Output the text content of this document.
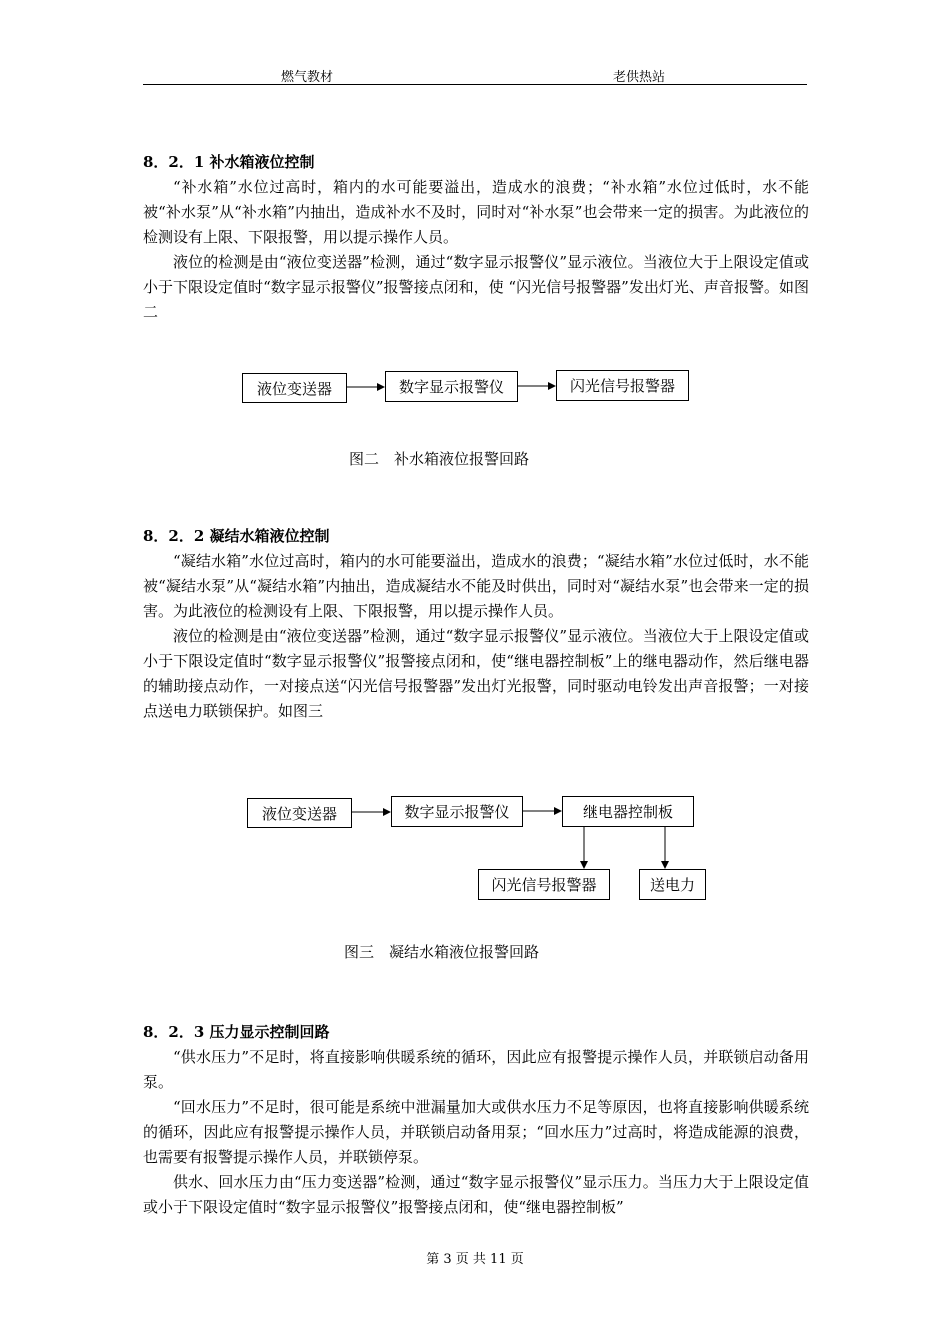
燃气教材	老供热站

8．2．1 补水箱液位控制

“补水箱”水位过高时，箱内的水可能要溢出，造成水的浪费；“补水箱”水位过低时，水不能被“补水泵”从“补水箱”内抽出，造成补水不及时，同时对“补水泵”也会带来一定的损害。为此液位的检测设有上限、下限报警，用以提示操作人员。

液位的检测是由“液位变送器”检测，通过“数字显示报警仪”显示液位。当液位大于上限设定值或小于下限设定值时“数字显示报警仪”报警接点闭和，使 “闪光信号报警器”发出灯光、声音报警。如图二

液位变送器	数字显示报警仪	闪光信号报警器
图二　补水箱液位报警回路

8．2．2 凝结水箱液位控制

“凝结水箱”水位过高时，箱内的水可能要溢出，造成水的浪费；“凝结水箱”水位过低时，水不能被“凝结水泵”从“凝结水箱”内抽出，造成凝结水不能及时供出，同时对“凝结水泵”也会带来一定的损害。为此液位的检测设有上限、下限报警，用以提示操作人员。

液位的检测是由“液位变送器”检测，通过“数字显示报警仪”显示液位。当液位大于上限设定值或小于下限设定值时“数字显示报警仪”报警接点闭和，使“继电器控制板”上的继电器动作，然后继电器的辅助接点动作，一对接点送“闪光信号报警器”发出灯光报警，同时驱动电铃发出声音报警；一对接点送电力联锁保护。如图三

液位变送器	数字显示报警仪	继电器控制板
闪光信号报警器	送电力
图三　凝结水箱液位报警回路

8．2．3 压力显示控制回路

“供水压力”不足时，将直接影响供暖系统的循环，因此应有报警提示操作人员，并联锁启动备用泵。

“回水压力”不足时，很可能是系统中泄漏量加大或供水压力不足等原因，也将直接影响供暖系统的循环，因此应有报警提示操作人员，并联锁启动备用泵；“回水压力”过高时，将造成能源的浪费，也需要有报警提示操作人员，并联锁停泵。

供水、回水压力由“压力变送器”检测，通过“数字显示报警仪”显示压力。当压力大于上限设定值或小于下限设定值时“数字显示报警仪”报警接点闭和，使“继电器控制板”

第 3 页 共 11 页
